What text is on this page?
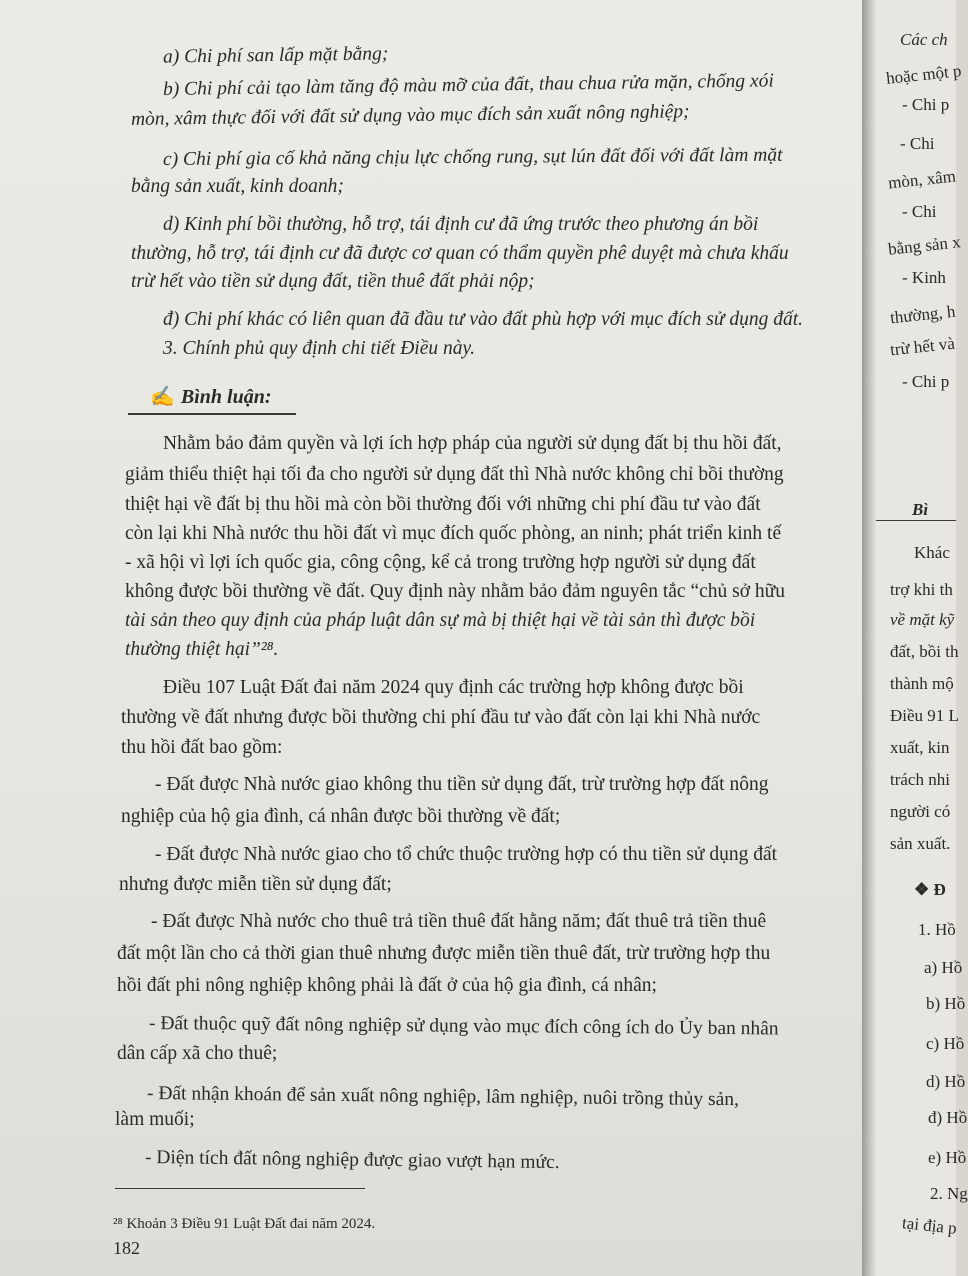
a) Chi phí san lấp mặt bằng;
b) Chi phí cải tạo làm tăng độ màu mỡ của đất, thau chua rửa mặn, chống xói
mòn, xâm thực đối với đất sử dụng vào mục đích sản xuất nông nghiệp;
c) Chi phí gia cố khả năng chịu lực chống rung, sụt lún đất đối với đất làm mặt
bằng sản xuất, kinh doanh;
d) Kinh phí bồi thường, hỗ trợ, tái định cư đã ứng trước theo phương án bồi
thường, hỗ trợ, tái định cư đã được cơ quan có thẩm quyền phê duyệt mà chưa khấu
trừ hết vào tiền sử dụng đất, tiền thuê đất phải nộp;
đ) Chi phí khác có liên quan đã đầu tư vào đất phù hợp với mục đích sử dụng đất.
3. Chính phủ quy định chi tiết Điều này.
✍ Bình luận:
Nhằm bảo đảm quyền và lợi ích hợp pháp của người sử dụng đất bị thu hồi đất,
giảm thiểu thiệt hại tối đa cho người sử dụng đất thì Nhà nước không chỉ bồi thường
thiệt hại về đất bị thu hồi mà còn bồi thường đối với những chi phí đầu tư vào đất
còn lại khi Nhà nước thu hồi đất vì mục đích quốc phòng, an ninh; phát triển kinh tế
- xã hội vì lợi ích quốc gia, công cộng, kể cả trong trường hợp người sử dụng đất
không được bồi thường về đất. Quy định này nhằm bảo đảm nguyên tắc “chủ sở hữu
tài sản theo quy định của pháp luật dân sự mà bị thiệt hại về tài sản thì được bồi
thường thiệt hại”²⁸.
Điều 107 Luật Đất đai năm 2024 quy định các trường hợp không được bồi
thường về đất nhưng được bồi thường chi phí đầu tư vào đất còn lại khi Nhà nước
thu hồi đất bao gồm:
- Đất được Nhà nước giao không thu tiền sử dụng đất, trừ trường hợp đất nông
nghiệp của hộ gia đình, cá nhân được bồi thường về đất;
- Đất được Nhà nước giao cho tổ chức thuộc trường hợp có thu tiền sử dụng đất
nhưng được miễn tiền sử dụng đất;
- Đất được Nhà nước cho thuê trả tiền thuê đất hằng năm; đất thuê trả tiền thuê
đất một lần cho cả thời gian thuê nhưng được miễn tiền thuê đất, trừ trường hợp thu
hồi đất phi nông nghiệp không phải là đất ở của hộ gia đình, cá nhân;
- Đất thuộc quỹ đất nông nghiệp sử dụng vào mục đích công ích do Ủy ban nhân
dân cấp xã cho thuê;
- Đất nhận khoán để sản xuất nông nghiệp, lâm nghiệp, nuôi trồng thủy sản,
làm muối;
- Diện tích đất nông nghiệp được giao vượt hạn mức.
²⁸ Khoản 3 Điều 91 Luật Đất đai năm 2024.
182
Các ch
hoặc một p
- Chi p
- Chi
mòn, xâm
- Chi
bằng sản x
- Kinh
thường, h
trừ hết và
- Chi p
Bì
Khác
trợ khi th
về mặt kỹ
đất, bồi th
thành mộ
Điều 91 L
xuất, kin
trách nhi
người có
sản xuất.
❖ Đ
1. Hồ
a) Hồ
b) Hồ
c) Hồ
d) Hồ
đ) Hồ
e) Hồ
2. Ng
tại địa p
